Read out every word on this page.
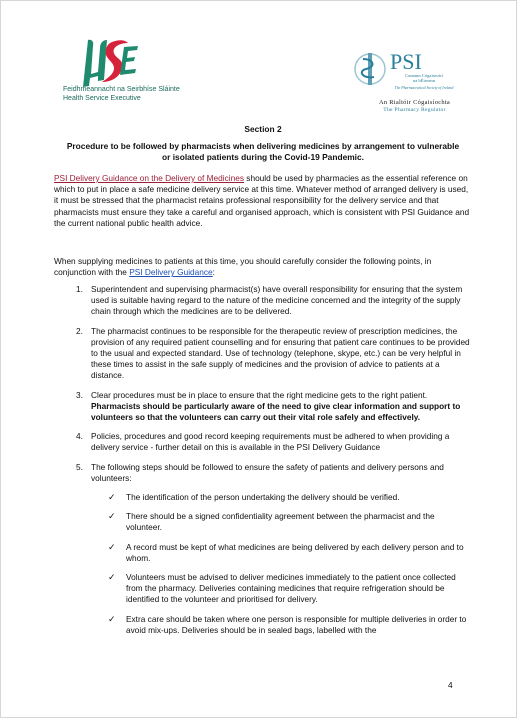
Feidhmeannacht na Seirbhíse Sláinte
Health Service Executive
PSI
Cumann Cógaiseoirí
na hÉireann
The Pharmaceutical Society of Ireland
An Rialtóir Cógaisíochta
The Pharmacy Regulator
Section 2
Procedure to be followed by pharmacists when delivering medicines by arrangement to vulnerable
or isolated patients during the Covid-19 Pandemic.
PSI Delivery Guidance on the Delivery of Medicines should be used by pharmacies as the essential reference on which to put in place a safe medicine delivery service at this time. Whatever method of arranged delivery is used, it must be stressed that the pharmacist retains professional responsibility for the delivery service and that pharmacists must ensure they take a careful and organised approach, which is consistent with PSI Guidance and the current national public health advice.
When supplying medicines to patients at this time, you should carefully consider the following points, in conjunction with the PSI Delivery Guidance:
1. Superintendent and supervising pharmacist(s) have overall responsibility for ensuring that the system used is suitable having regard to the nature of the medicine concerned and the integrity of the supply chain through which the medicines are to be delivered.
2. The pharmacist continues to be responsible for the therapeutic review of prescription medicines, the provision of any required patient counselling and for ensuring that patient care continues to be provided to the usual and expected standard. Use of technology (telephone, skype, etc.) can be very helpful in these times to assist in the safe supply of medicines and the provision of advice to patients at a distance.
3. Clear procedures must be in place to ensure that the right medicine gets to the right patient. Pharmacists should be particularly aware of the need to give clear information and support to volunteers so that the volunteers can carry out their vital role safely and effectively.
4. Policies, procedures and good record keeping requirements must be adhered to when providing a delivery service - further detail on this is available in the PSI Delivery Guidance
5. The following steps should be followed to ensure the safety of patients and delivery persons and volunteers:
✓ The identification of the person undertaking the delivery should be verified.
✓ There should be a signed confidentiality agreement between the pharmacist and the volunteer.
✓ A record must be kept of what medicines are being delivered by each delivery person and to whom.
✓ Volunteers must be advised to deliver medicines immediately to the patient once collected from the pharmacy. Deliveries containing medicines that require refrigeration should be identified to the volunteer and prioritised for delivery.
✓ Extra care should be taken where one person is responsible for multiple deliveries in order to avoid mix-ups. Deliveries should be in sealed bags, labelled with the
4
